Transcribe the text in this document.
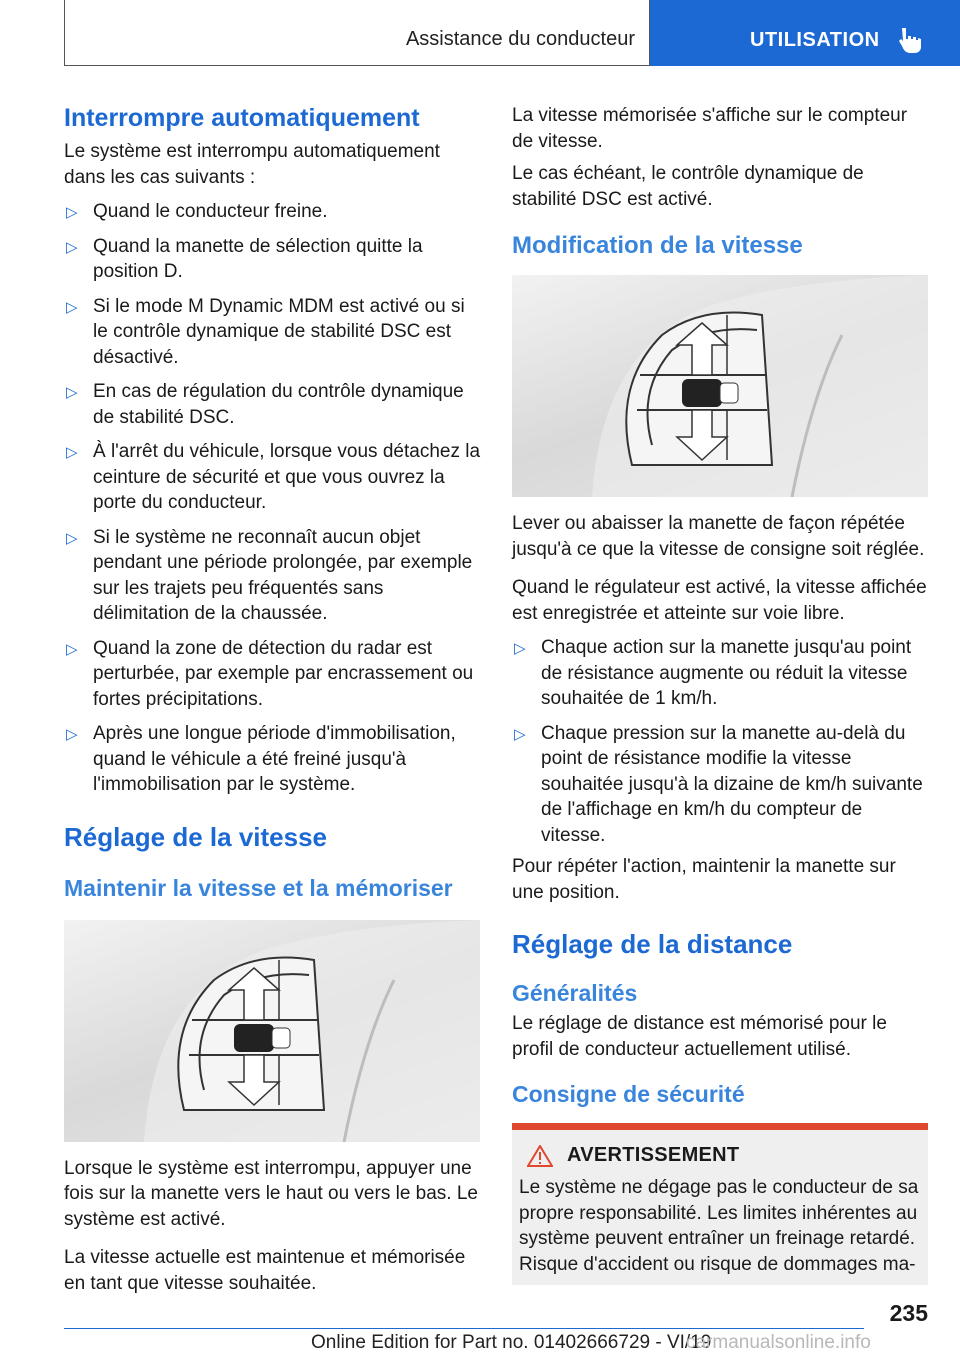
Assistance du conducteur	UTILISATION
Interrompre automatiquement

Le système est interrompu automatiquement dans les cas suivants :

▷ Quand le conducteur freine.
▷ Quand la manette de sélection quitte la position D.
▷ Si le mode M Dynamic MDM est activé ou si le contrôle dynamique de stabilité DSC est désactivé.
▷ En cas de régulation du contrôle dynamique de stabilité DSC.
▷ À l'arrêt du véhicule, lorsque vous détachez la ceinture de sécurité et que vous ouvrez la porte du conducteur.
▷ Si le système ne reconnaît aucun objet pendant une période prolongée, par exemple sur les trajets peu fréquentés sans délimitation de la chaussée.
▷ Quand la zone de détection du radar est perturbée, par exemple par encrassement ou fortes précipitations.
▷ Après une longue période d'immobilisation, quand le véhicule a été freiné jusqu'à l'immobilisation par le système.
Réglage de la vitesse
Maintenir la vitesse et la mémoriser

Lorsque le système est interrompu, appuyer une fois sur la manette vers le haut ou vers le bas. Le système est activé.

La vitesse actuelle est maintenue et mémorisée en tant que vitesse souhaitée.

La vitesse mémorisée s'affiche sur le compteur de vitesse.

Le cas échéant, le contrôle dynamique de stabilité DSC est activé.

Modification de la vitesse

Lever ou abaisser la manette de façon répétée jusqu'à ce que la vitesse de consigne soit réglée.

Quand le régulateur est activé, la vitesse affichée est enregistrée et atteinte sur voie libre.

▷ Chaque action sur la manette jusqu'au point de résistance augmente ou réduit la vitesse souhaitée de 1 km/h.
▷ Chaque pression sur la manette au-delà du point de résistance modifie la vitesse souhaitée jusqu'à la dizaine de km/h suivante de l'affichage en km/h du compteur de vitesse.

Pour répéter l'action, maintenir la manette sur une position.

Réglage de la distance
Généralités

Le réglage de distance est mémorisé pour le profil de conducteur actuellement utilisé.

Consigne de sécurité
AVERTISSEMENT

Le système ne dégage pas le conducteur de sa propre responsabilité. Les limites inhérentes au système peuvent entraîner un freinage retardé. Risque d'accident ou risque de dommages ma-

235
Online Edition for Part no. 01402666729 - VI/19
carmanualsonline.info
